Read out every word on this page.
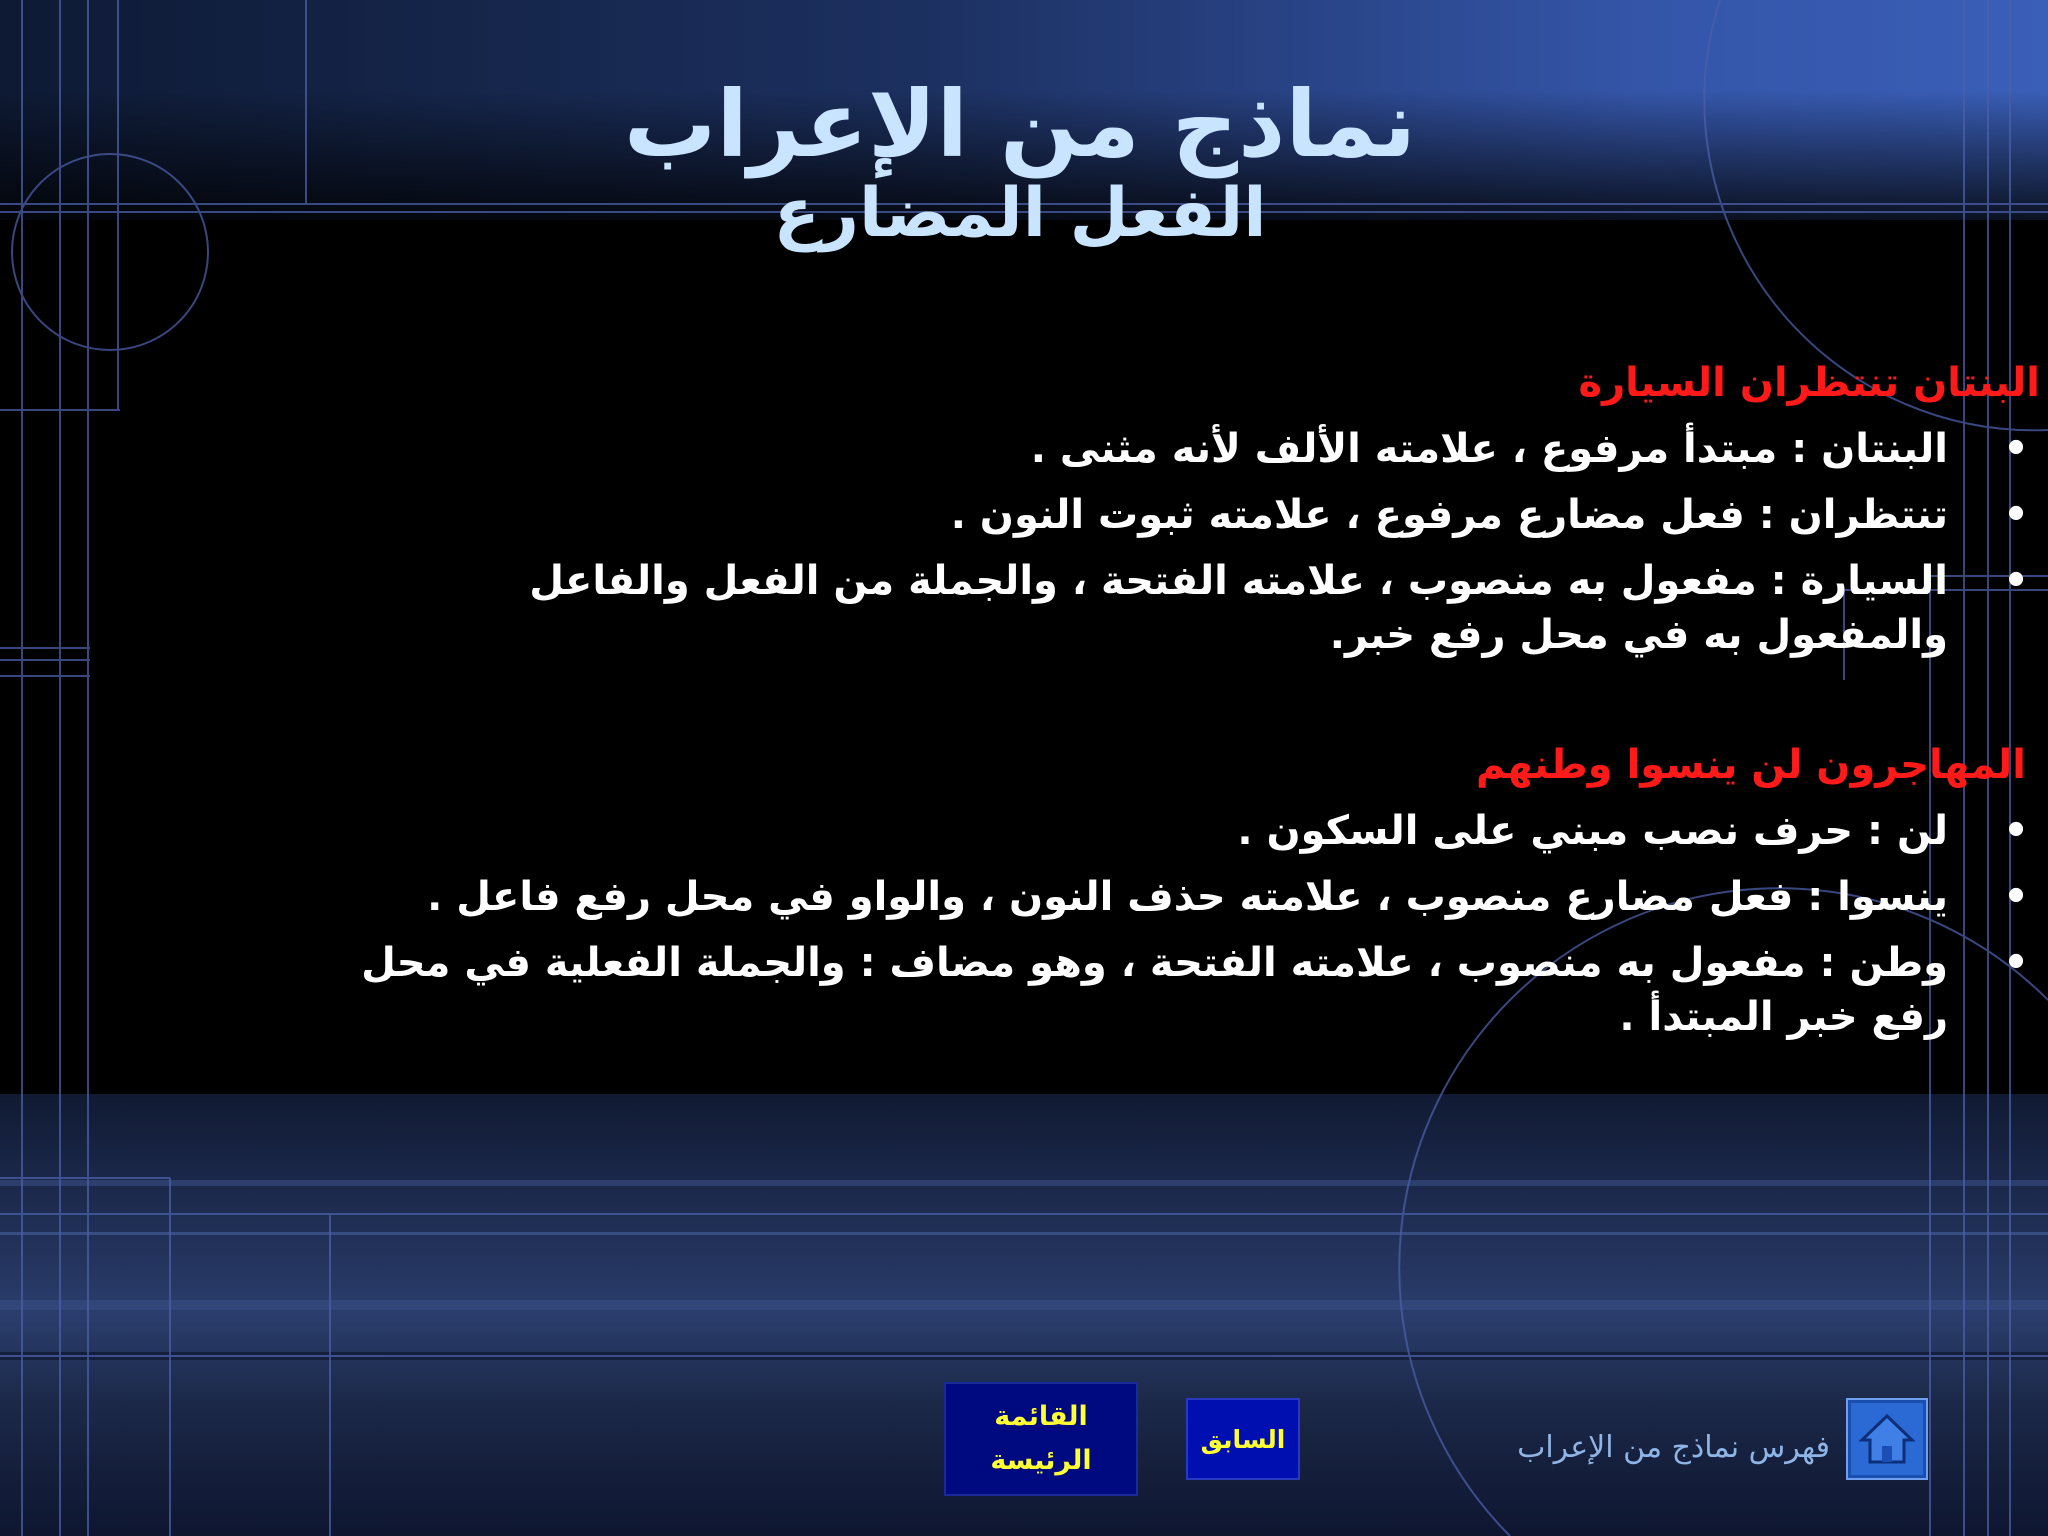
نماذج من الإعراب
الفعل المضارع
البنتان تنتظران السيارة
•
البنتان : مبتدأ مرفوع ، علامته الألف لأنه مثنى .
•
تنتظران : فعل مضارع مرفوع ، علامته ثبوت النون .
•
السيارة : مفعول به منصوب ، علامته الفتحة ، والجملة من الفعل والفاعل والمفعول به في محل رفع خبر.
المهاجرون لن ينسوا وطنهم
•
لن : حرف نصب مبني على السكون .
•
ينسوا : فعل مضارع منصوب ، علامته حذف النون ، والواو في محل رفع فاعل .
•
وطن : مفعول به منصوب ، علامته الفتحة ، وهو مضاف : والجملة الفعلية في محل رفع خبر المبتدأ .
القائمة
الرئيسة
السابق	فهرس نماذج من الإعراب
